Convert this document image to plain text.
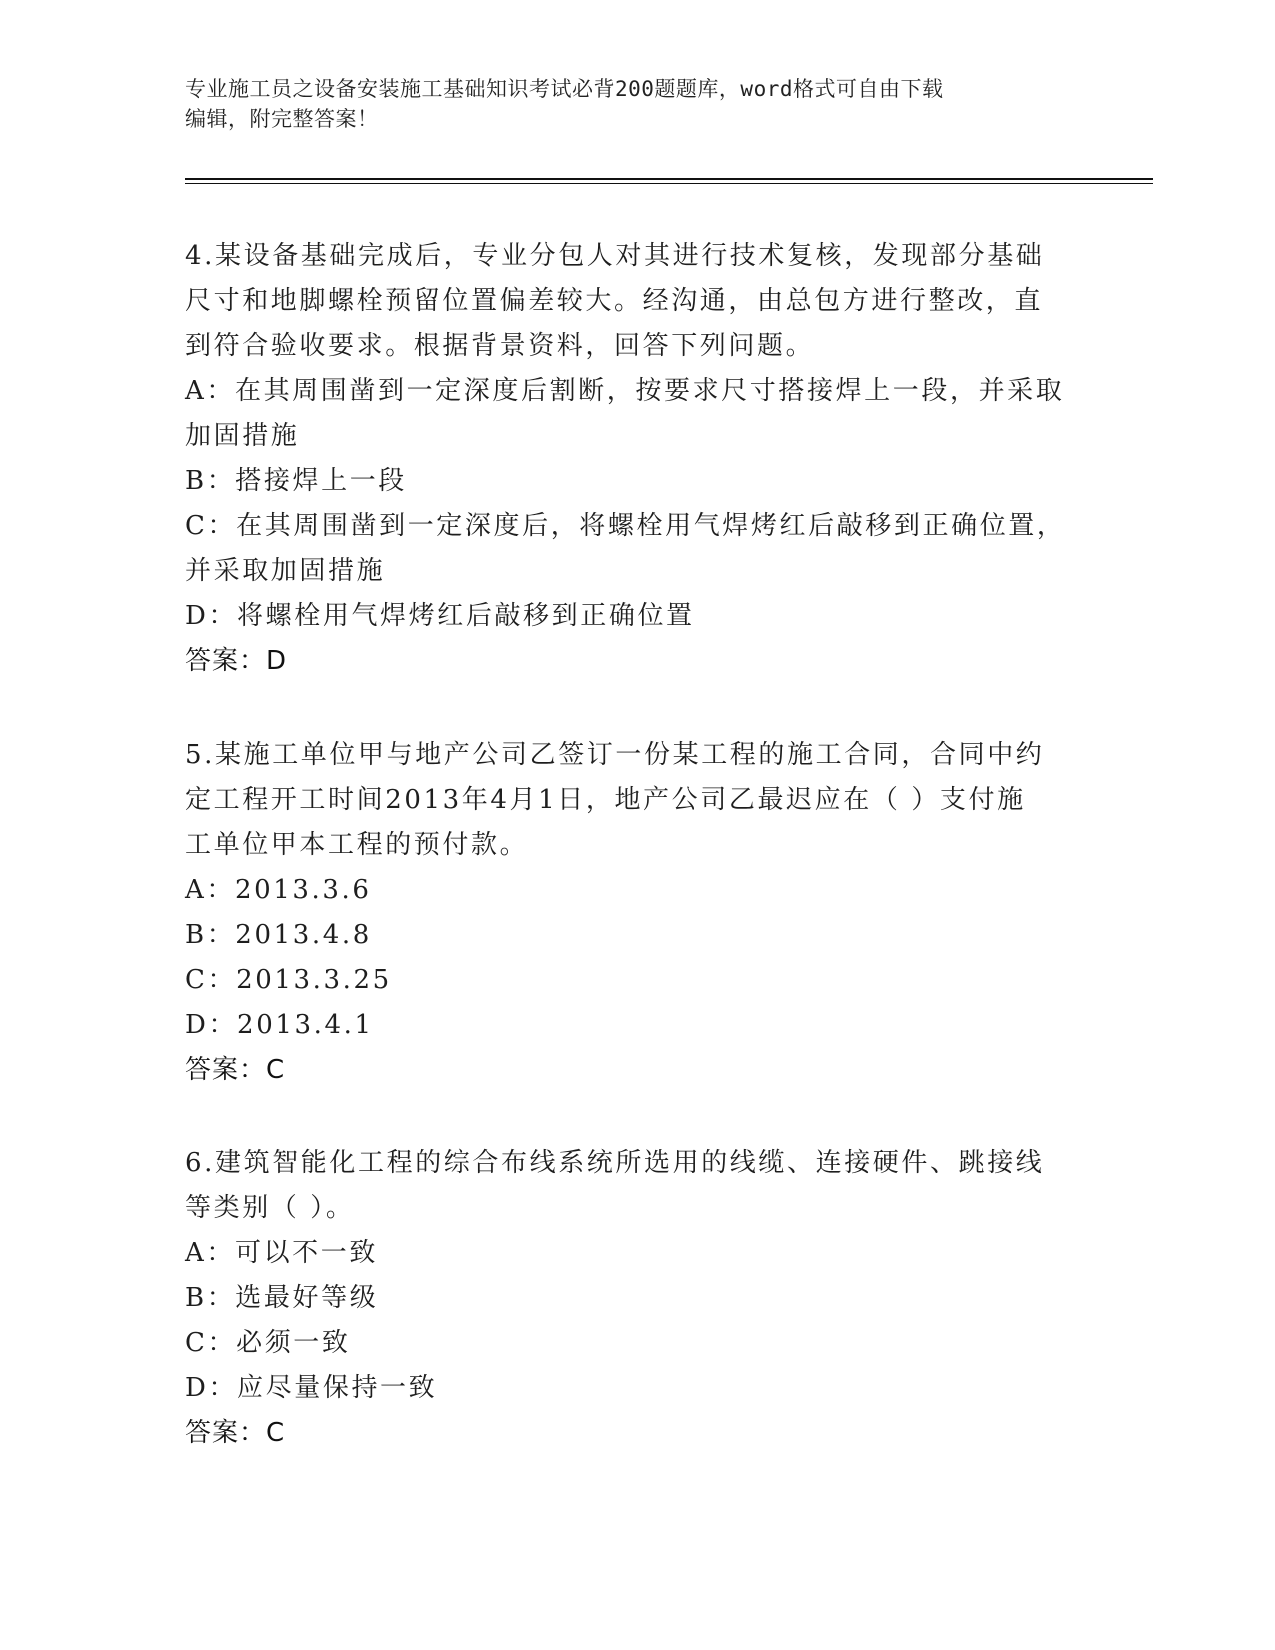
专业施工员之设备安装施工基础知识考试必背200题题库，word格式可自由下载
编辑，附完整答案！

4.某设备基础完成后，专业分包人对其进行技术复核，发现部分基础

尺寸和地脚螺栓预留位置偏差较大。经沟通，由总包方进行整改，直

到符合验收要求。根据背景资料，回答下列问题。

A：在其周围凿到一定深度后割断，按要求尺寸搭接焊上一段，并采取

加固措施

B：搭接焊上一段

C：在其周围凿到一定深度后，将螺栓用气焊烤红后敲移到正确位置，

并采取加固措施

D：将螺栓用气焊烤红后敲移到正确位置

答案：D

5.某施工单位甲与地产公司乙签订一份某工程的施工合同，合同中约

定工程开工时间2013年4月1日，地产公司乙最迟应在（ ）支付施

工单位甲本工程的预付款。

A：2013.3.6

B：2013.4.8

C：2013.3.25

D：2013.4.1

答案：C

6.建筑智能化工程的综合布线系统所选用的线缆、连接硬件、跳接线

等类别（ ）。

A：可以不一致

B：选最好等级

C：必须一致

D：应尽量保持一致

答案：C
